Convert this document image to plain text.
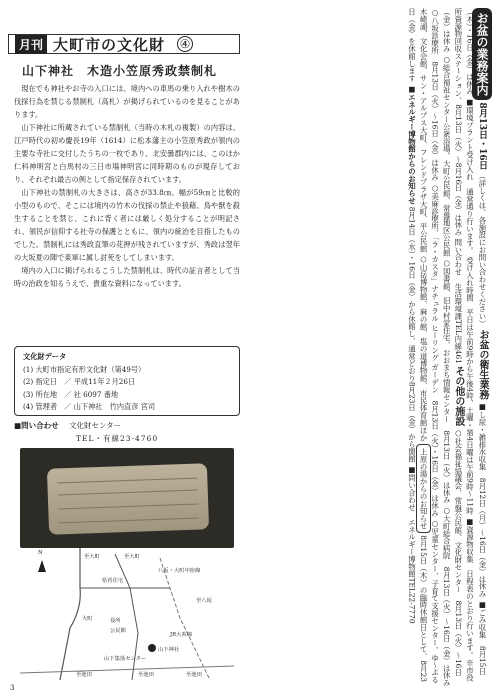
月刊 大町市の文化財 ④
山下神社　木造小笠原秀政禁制札

現在でも神社やお寺の入口には、境内への車馬の乗り入れや樹木の伐採行為を禁じる禁制札（高札）が掲げられているのを見ることがあります。

山下神社に所蔵されている禁制札（当時の木札の複製）の内容は、江戸時代の初め慶長19年（1614）に松本藩主の小笠原秀政が領内の主要な寺社に交付したうちの一枚であり、北安曇郡内には、このほか仁科神明宮と白馬村の三日市場神明宮に同時期のものが現存しており、それぞれ最古の例として指定保存されています。

山下神社の禁制札の大きさは、高さが33.8㎝、幅が59㎝と比較的小型のもので、そこには境内の竹木の伐採の禁止や狼藉、鳥や獣を殺生することを禁じ、これに背く者には厳しく処分することが明記され、領民が信仰する社寺の保護とともに、領内の統治を目指したものでした。禁制札には秀政直筆の花押が残されていますが、秀政は翌年の大坂夏の陣で東軍に属し討死をしてしまいます。

境内の入口に掲げられるこうした禁制札は、時代の証言者として当時の治政を知るうえで、貴重な資料になっています。

文化財データ
(1) 大町市指定有形文化財（第49号）
(2) 指定日　／ 平成11年２月26日
(3) 所在地　／ 社 6097 番地
(4) 管理者　／ 山下神社　竹内直彦 宮司
■問い合わせ 文化財センター
TEL・有線23-4760
N
至大町	至大町
八坂・大町中宿線
県営住宅
至八坂
大町
JR大糸線
山下神社
役所
公民館
山下集落センター
至池田	至池田	至池田
3
お盆の業務案内 8月13日・16日 （詳しくは、各施設にお問い合わせください） お盆の衛生業務 ■し尿・雑排水収集　8月12日（月）〜16日（金）は休み ■ごみ収集　8月15日（木）・16日（金）は休み ■環境プラント受け入れ　通常通り行います。 受け入れ時間　平日は午前9時から午後4時、土曜・第4日曜は午前9時〜11時 ■資源物収集　日程表のとおり行います。※市役所資源物回収ステーション、8月13日（火）〜8月16日（金）は休み 問い合わせ　生活環境課TEL内線461 その他の施設 ○社会福祉協議会、常盤公民館、文化財センター　8月13日（火）〜16日（金）は休み ○総合福祉センター公衆浴場、大町公民館、常盤地区公民館 ○図書館、旧中村家住宅、おおまち情報センター　8月13日（火）は休み ○大町総合病院　8月13日（火）〜16日（金）は休み ○八坂診療所　8月13日（火）〜16日（金）は休み ○美麻診療所、「ラ・カスタ」ナチュラル ヒーリング ガーデン　8月13日（火）・16日（金）は休み ○児童センター、子育て支援センター、ゆ〜ぷる木崎湖、文化会館、サン・アルプス大町、フレンドプラザ大町、平公民館 ○山岳博物館、麻の館、塩の道博物館、市民体育館ほか 上原の湯からのお知らせ 8月15日（木）の臨時休館日として、8月23日（金）を休館します ■エネルギー博物館からのお知らせ 8月14日（水）・16日（金）から休館し、通常どおり8月23日（金）から開館 ■問い合わせ　エネルギー博物館TEL22-7770
